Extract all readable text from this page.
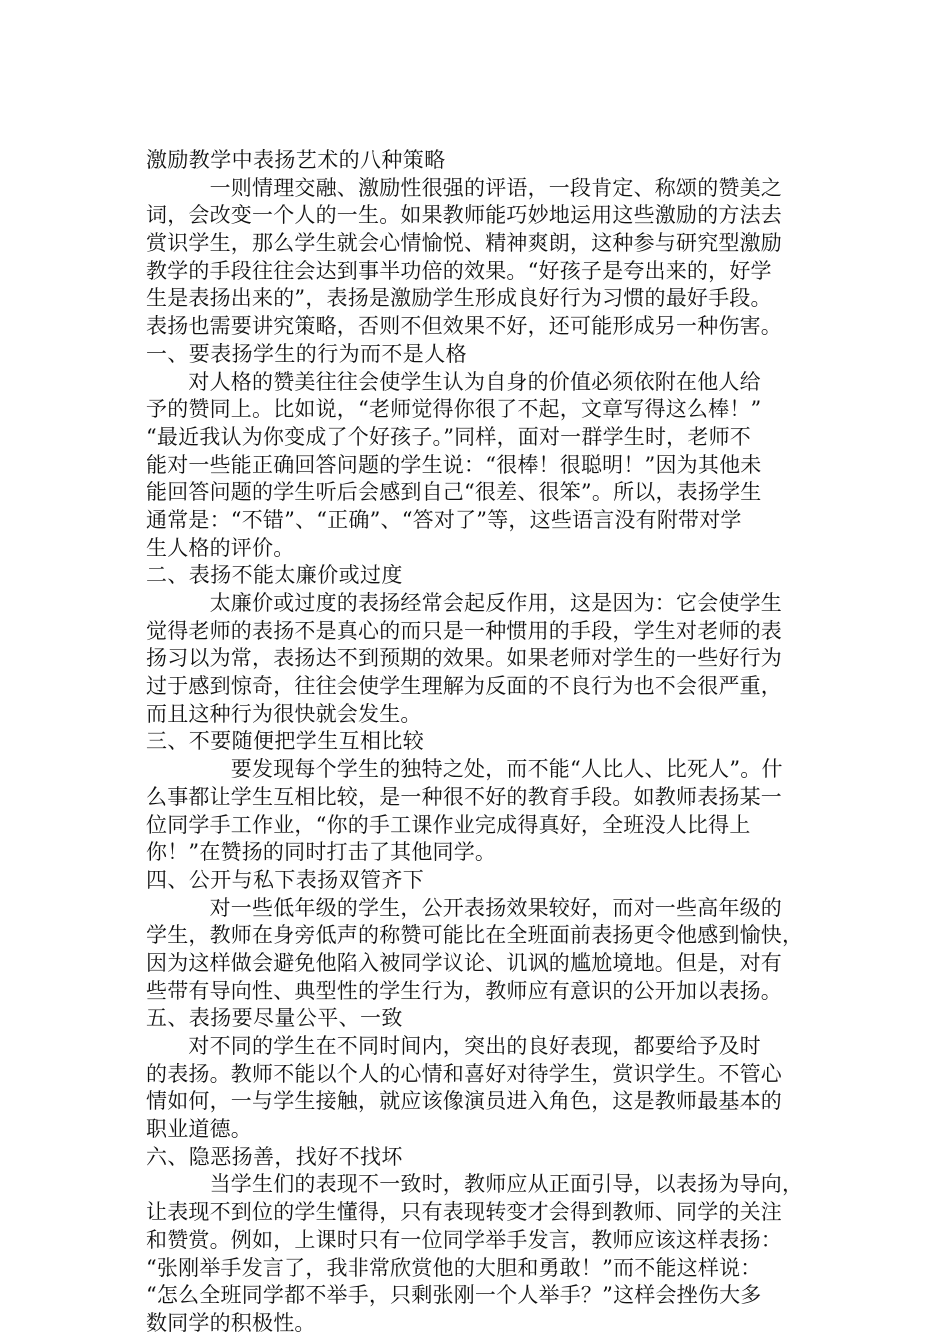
激励教学中表扬艺术的八种策略
　　　一则情理交融、激励性很强的评语，一段肯定、称颂的赞美之
词，会改变一个人的一生。如果教师能巧妙地运用这些激励的方法去
赏识学生，那么学生就会心情愉悦、精神爽朗，这种参与研究型激励
教学的手段往往会达到事半功倍的效果。“好孩子是夸出来的，好学
生是表扬出来的”，表扬是激励学生形成良好行为习惯的最好手段。
表扬也需要讲究策略，否则不但效果不好，还可能形成另一种伤害。
一、要表扬学生的行为而不是人格
　　对人格的赞美往往会使学生认为自身的价值必须依附在他人给
予的赞同上。比如说，“老师觉得你很了不起，文章写得这么棒！”
“最近我认为你变成了个好孩子。”同样，面对一群学生时，老师不
能对一些能正确回答问题的学生说：“很棒！很聪明！”因为其他未
能回答问题的学生听后会感到自己“很差、很笨”。所以，表扬学生
通常是：“不错”、“正确”、“答对了”等，这些语言没有附带对学
生人格的评价。
二、表扬不能太廉价或过度
　　　太廉价或过度的表扬经常会起反作用，这是因为：它会使学生
觉得老师的表扬不是真心的而只是一种惯用的手段，学生对老师的表
扬习以为常，表扬达不到预期的效果。如果老师对学生的一些好行为
过于感到惊奇，往往会使学生理解为反面的不良行为也不会很严重，
而且这种行为很快就会发生。
三、不要随便把学生互相比较
　　　　要发现每个学生的独特之处，而不能“人比人、比死人”。什
么事都让学生互相比较，是一种很不好的教育手段。如教师表扬某一
位同学手工作业，“你的手工课作业完成得真好，全班没人比得上
你！”在赞扬的同时打击了其他同学。
四、公开与私下表扬双管齐下
　　　对一些低年级的学生，公开表扬效果较好，而对一些高年级的
学生，教师在身旁低声的称赞可能比在全班面前表扬更令他感到愉快，
因为这样做会避免他陷入被同学议论、讥讽的尴尬境地。但是，对有
些带有导向性、典型性的学生行为，教师应有意识的公开加以表扬。
五、表扬要尽量公平、一致
　　对不同的学生在不同时间内，突出的良好表现，都要给予及时
的表扬。教师不能以个人的心情和喜好对待学生，赏识学生。不管心
情如何，一与学生接触，就应该像演员进入角色，这是教师最基本的
职业道德。
六、隐恶扬善，找好不找坏
　　　当学生们的表现不一致时，教师应从正面引导，以表扬为导向，
让表现不到位的学生懂得，只有表现转变才会得到教师、同学的关注
和赞赏。例如，上课时只有一位同学举手发言，教师应该这样表扬：
“张刚举手发言了，我非常欣赏他的大胆和勇敢！”而不能这样说：
“怎么全班同学都不举手，只剩张刚一个人举手？”这样会挫伤大多
数同学的积极性。
